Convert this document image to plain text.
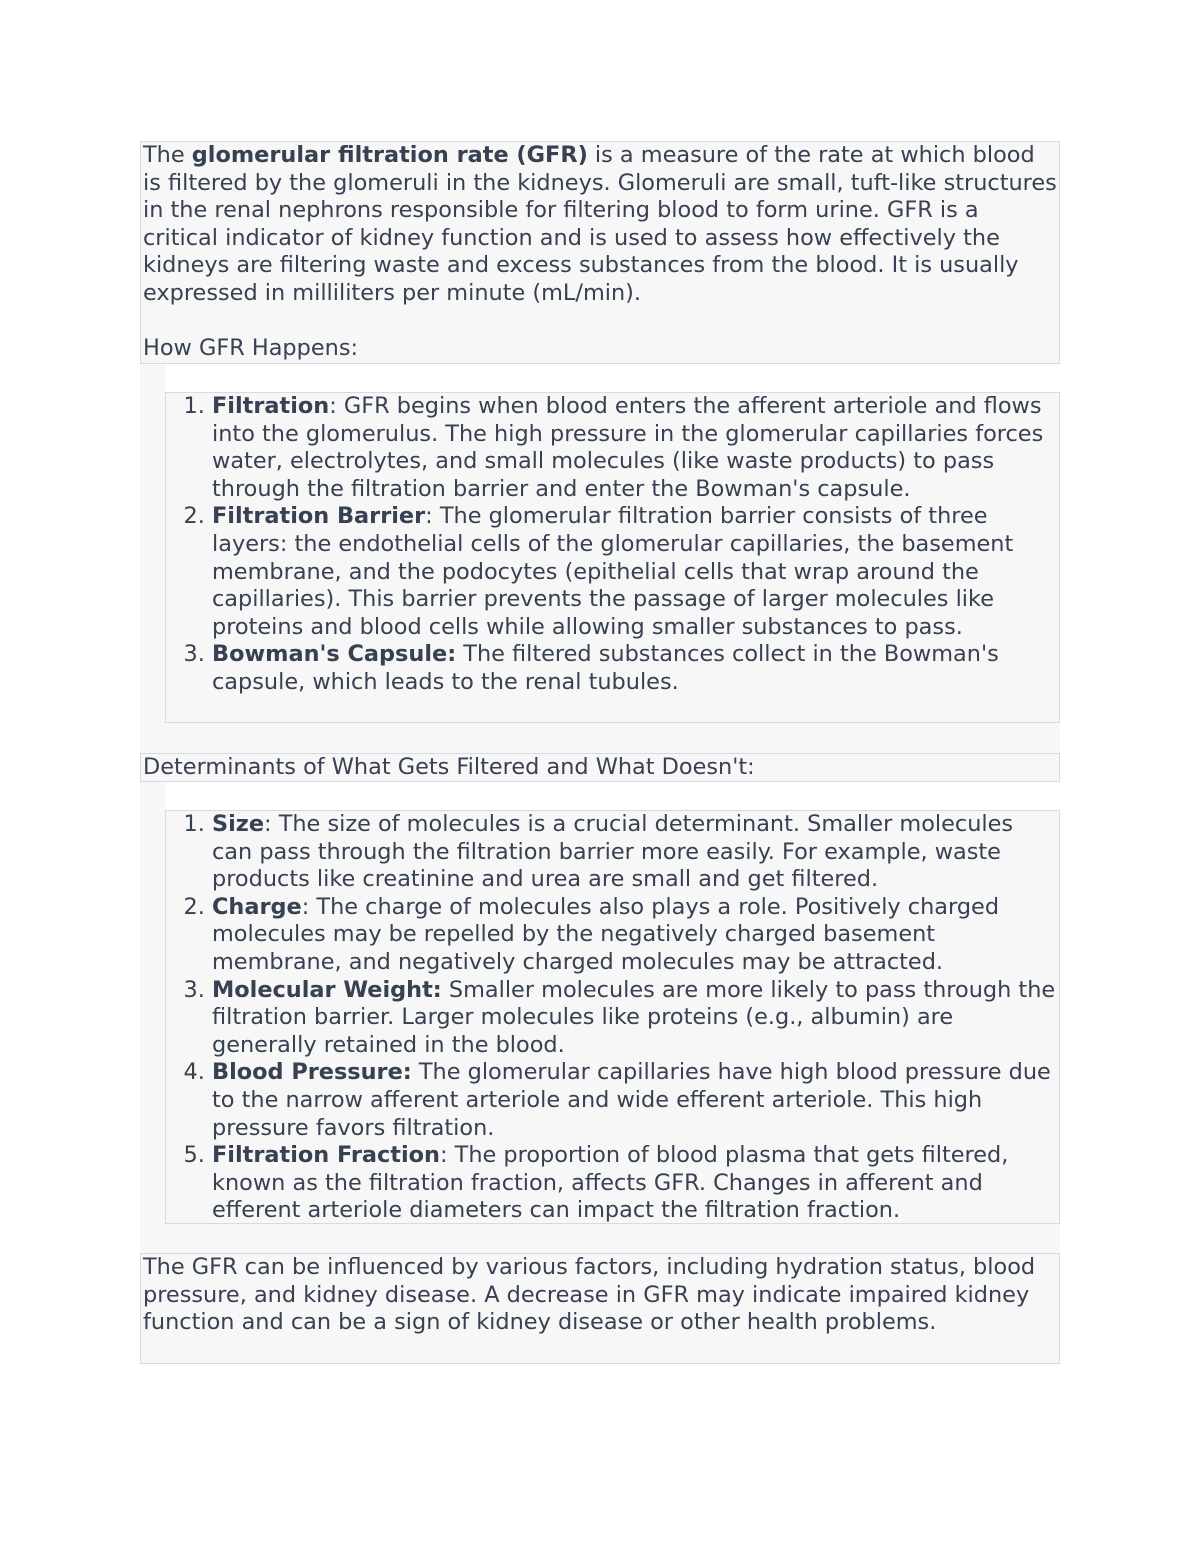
The glomerular filtration rate (GFR) is a measure of the rate at which blood is filtered by the glomeruli in the kidneys. Glomeruli are small, tuft-like structures in the renal nephrons responsible for filtering blood to form urine. GFR is a critical indicator of kidney function and is used to assess how effectively the kidneys are filtering waste and excess substances from the blood. It is usually expressed in milliliters per minute (mL/min).

How GFR Happens:

1. Filtration: GFR begins when blood enters the afferent arteriole and flows into the glomerulus. The high pressure in the glomerular capillaries forces water, electrolytes, and small molecules (like waste products) to pass through the filtration barrier and enter the Bowman's capsule.
2. Filtration Barrier: The glomerular filtration barrier consists of three layers: the endothelial cells of the glomerular capillaries, the basement membrane, and the podocytes (epithelial cells that wrap around the capillaries). This barrier prevents the passage of larger molecules like proteins and blood cells while allowing smaller substances to pass.
3. Bowman's Capsule: The filtered substances collect in the Bowman's capsule, which leads to the renal tubules.
Determinants of What Gets Filtered and What Doesn't:
1. Size: The size of molecules is a crucial determinant. Smaller molecules can pass through the filtration barrier more easily. For example, waste products like creatinine and urea are small and get filtered.
2. Charge: The charge of molecules also plays a role. Positively charged molecules may be repelled by the negatively charged basement membrane, and negatively charged molecules may be attracted.
3. Molecular Weight: Smaller molecules are more likely to pass through the filtration barrier. Larger molecules like proteins (e.g., albumin) are generally retained in the blood.
4. Blood Pressure: The glomerular capillaries have high blood pressure due to the narrow afferent arteriole and wide efferent arteriole. This high pressure favors filtration.
5. Filtration Fraction: The proportion of blood plasma that gets filtered, known as the filtration fraction, affects GFR. Changes in afferent and efferent arteriole diameters can impact the filtration fraction.

The GFR can be influenced by various factors, including hydration status, blood pressure, and kidney disease. A decrease in GFR may indicate impaired kidney function and can be a sign of kidney disease or other health problems.
